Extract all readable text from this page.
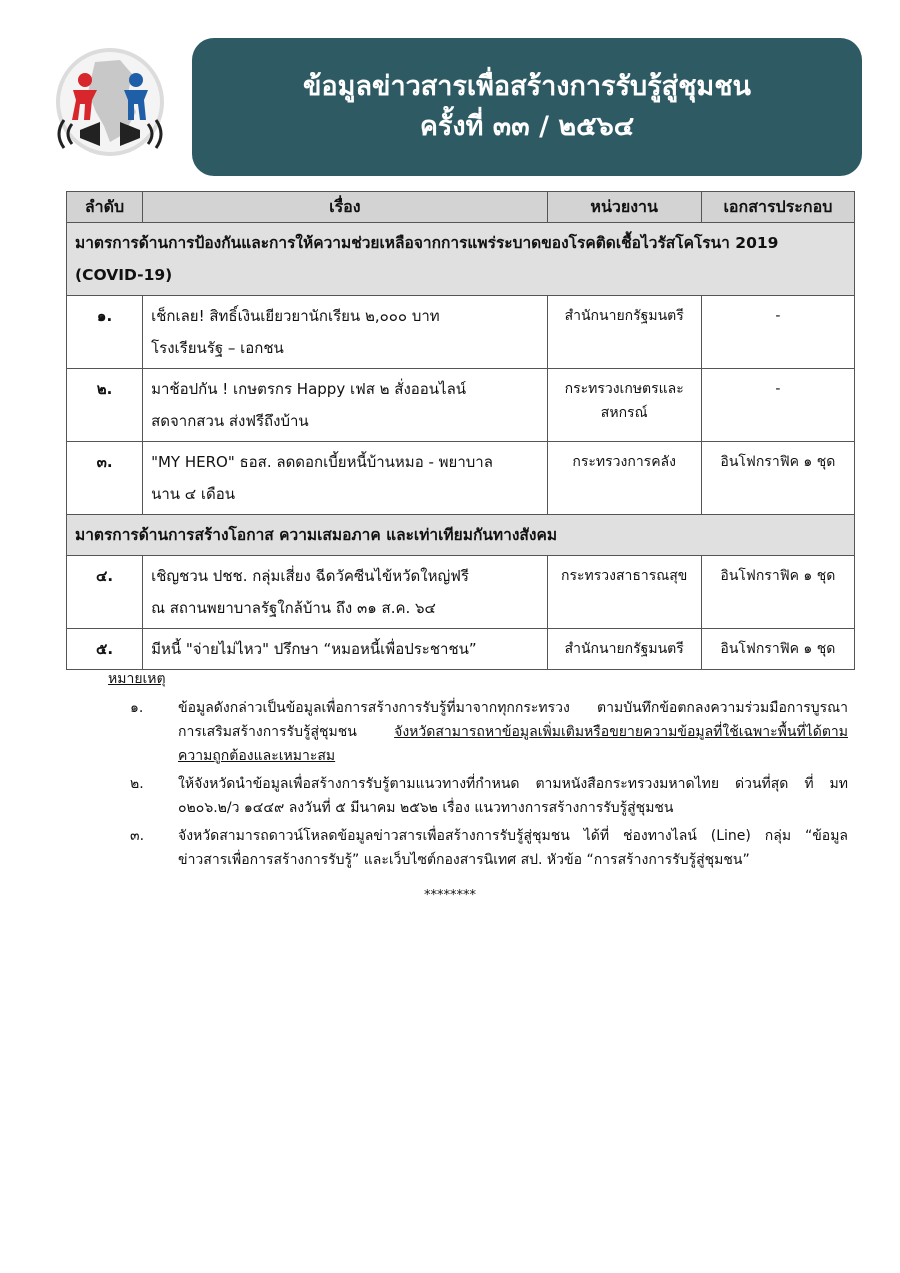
ข้อมูลข่าวสารเพื่อสร้างการรับรู้สู่ชุมชน
ครั้งที่ ๓๓ / ๒๕๖๔
ลำดับ	เรื่อง	หน่วยงาน	เอกสารประกอบ
มาตรการด้านการป้องกันและการให้ความช่วยเหลือจากการแพร่ระบาดของโรคติดเชื้อไวรัสโคโรนา 2019 (COVID-19)			
๑.	เช็กเลย! สิทธิ์เงินเยียวยานักเรียน ๒,๐๐๐ บาท
โรงเรียนรัฐ – เอกชน	สำนักนายกรัฐมนตรี	-
๒.	มาช้อปกัน ! เกษตรกร Happy เฟส ๒ สั่งออนไลน์
สดจากสวน ส่งฟรีถึงบ้าน	กระทรวงเกษตรและสหกรณ์	-
๓.	"MY HERO" ธอส. ลดดอกเบี้ยหนี้บ้านหมอ - พยาบาล
นาน ๔ เดือน	กระทรวงการคลัง	อินโฟกราฟิค ๑ ชุด
มาตรการด้านการสร้างโอกาส ความเสมอภาค และเท่าเทียมกันทางสังคม			
๔.	เชิญชวน ปชช. กลุ่มเสี่ยง ฉีดวัคซีนไข้หวัดใหญ่ฟรี
ณ สถานพยาบาลรัฐใกล้บ้าน ถึง ๓๑ ส.ค. ๖๔	กระทรวงสาธารณสุข	อินโฟกราฟิค ๑ ชุด
๕.	มีหนี้ "จ่ายไม่ไหว" ปรึกษา “หมอหนี้เพื่อประชาชน”	สำนักนายกรัฐมนตรี	อินโฟกราฟิค ๑ ชุด
หมายเหตุ
๑.	ข้อมูลดังกล่าวเป็นข้อมูลเพื่อการสร้างการรับรู้ที่มาจากทุกกระทรวง ตามบันทึกข้อตกลงความร่วมมือการบูรณาการเสริมสร้างการรับรู้สู่ชุมชน จังหวัดสามารถหาข้อมูลเพิ่มเติมหรือขยายความข้อมูลที่ใช้เฉพาะพื้นที่ได้ตามความถูกต้องและเหมาะสม
๒.	ให้จังหวัดนำข้อมูลเพื่อสร้างการรับรู้ตามแนวทางที่กำหนด ตามหนังสือกระทรวงมหาดไทย ด่วนที่สุด ที่ มท ๐๒๐๖.๒/ว ๑๔๔๙ ลงวันที่ ๕ มีนาคม ๒๕๖๒ เรื่อง แนวทางการสร้างการรับรู้สู่ชุมชน
๓.	จังหวัดสามารถดาวน์โหลดข้อมูลข่าวสารเพื่อสร้างการรับรู้สู่ชุมชน ได้ที่ ช่องทางไลน์ (Line) กลุ่ม “ข้อมูลข่าวสารเพื่อการสร้างการรับรู้” และเว็บไซต์กองสารนิเทศ สป. หัวข้อ “การสร้างการรับรู้สู่ชุมชน”
********
